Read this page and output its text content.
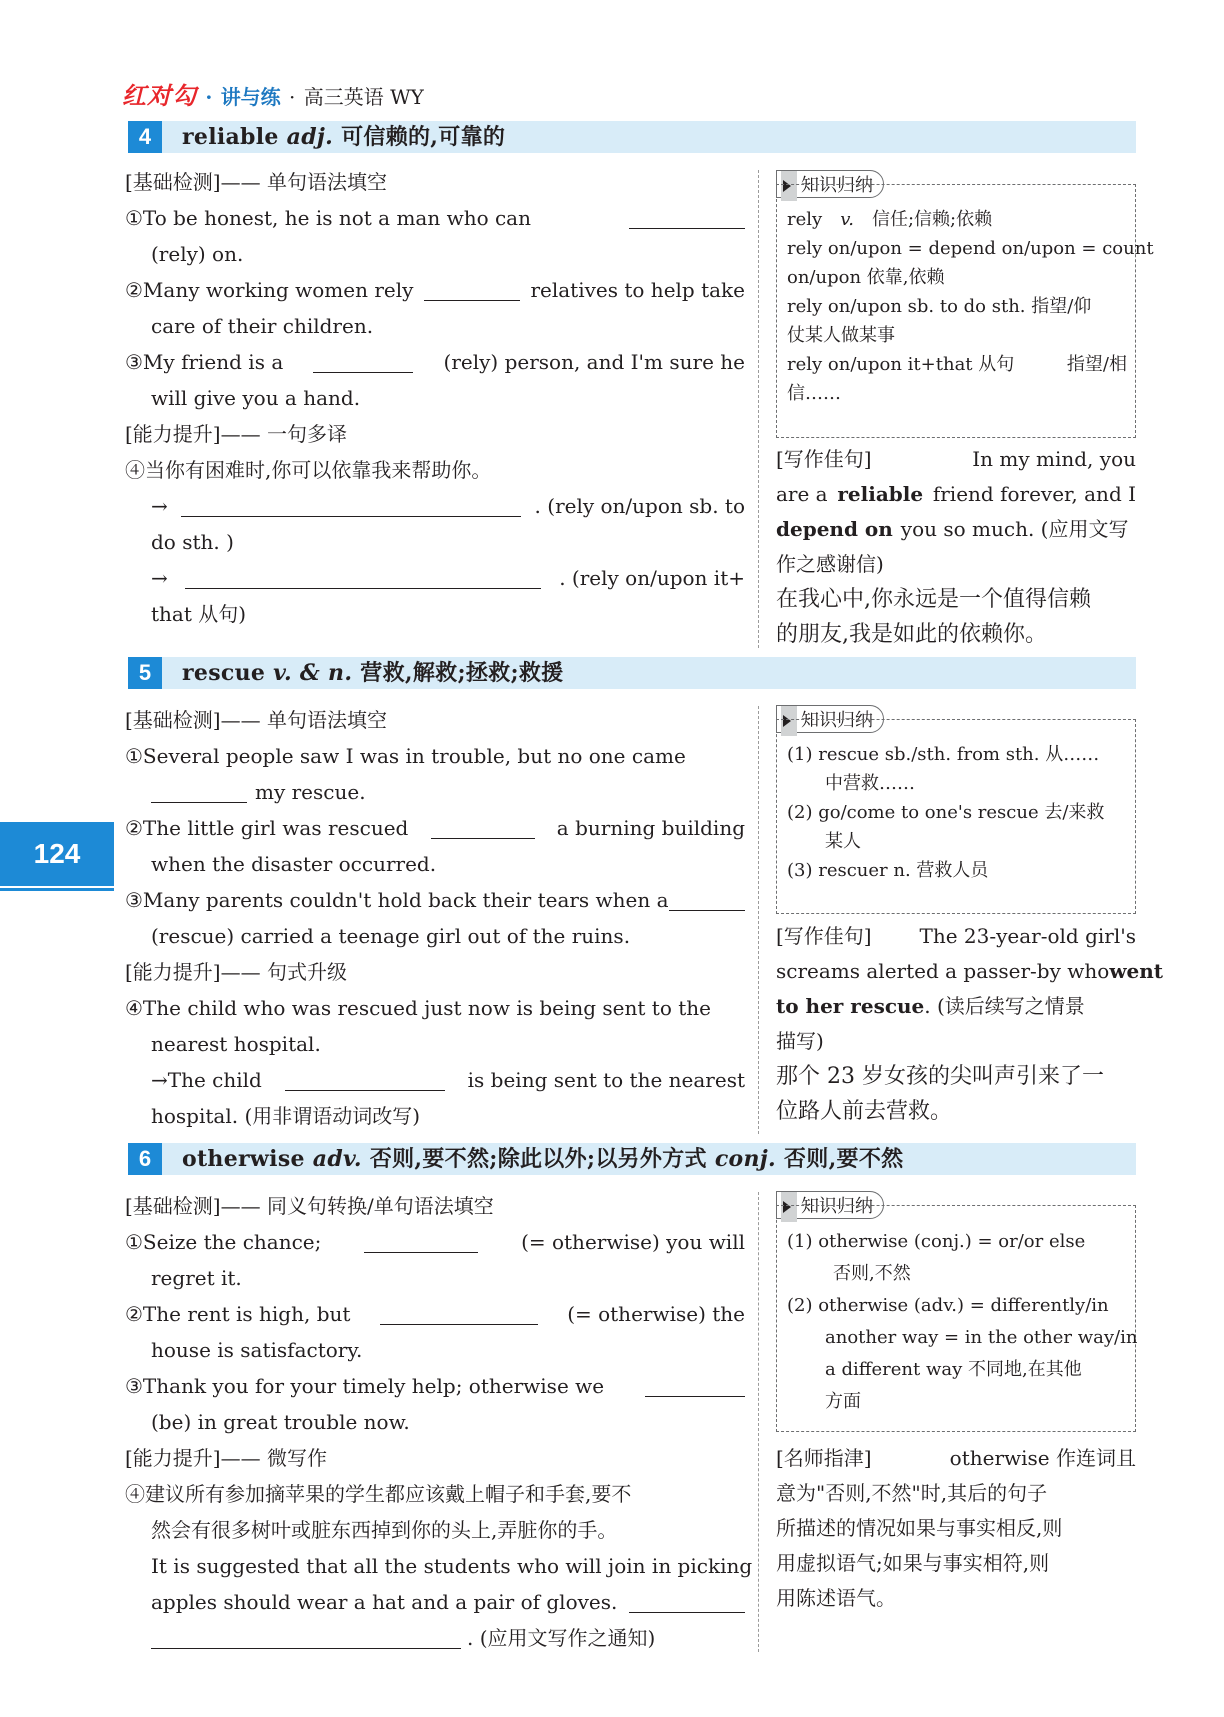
红对勾 · 讲与练 · 高三英语 WY
124
4	reliable adj. 可信赖的,可靠的
[基础检测]—— 单句语法填空
①To be honest, he is not a man who can
(rely) on.
②Many working women rely	relatives to help take
care of their children.
③My friend is a	(rely) person, and I'm sure he
will give you a hand.
[能力提升]—— 一句多译
④当你有困难时,你可以依靠我来帮助你。
→	. (rely on/upon sb. to
do sth. )
→	. (rely on/upon it+
that 从句)
知识归纳
rely v. 信任;信赖;依赖
rely on/upon = depend on/upon = count
on/upon 依靠,依赖
rely on/upon sb. to do sth. 指望/仰
仗某人做某事
rely on/upon it+that 从句	指望/相
信……
[写作佳句]	In my mind, you
are a reliable friend forever, and I
depend on you so much. (应用文写
作之感谢信)
在我心中,你永远是一个值得信赖
的朋友,我是如此的依赖你。
5	rescue v. & n. 营救,解救;拯救;救援
[基础检测]—— 单句语法填空
①Several people saw I was in trouble, but no one came
my rescue.
②The little girl was rescued	a burning building
when the disaster occurred.
③Many parents couldn't hold back their tears when a
(rescue) carried a teenage girl out of the ruins.
[能力提升]—— 句式升级
④The child who was rescued just now is being sent to the
nearest hospital.
→The child	is being sent to the nearest
hospital. (用非谓语动词改写)
知识归纳
(1) rescue sb./sth. from sth. 从……
中营救……
(2) go/come to one's rescue 去/来救
某人
(3) rescuer n. 营救人员
[写作佳句] The 23-year-old girl's
screams alerted a passer-by who went
to her rescue . (读后续写之情景
描写)
那个 23 岁女孩的尖叫声引来了一
位路人前去营救。
6	otherwise adv. 否则,要不然;除此以外;以另外方式 conj. 否则,要不然
[基础检测]—— 同义句转换/单句语法填空
①Seize the chance;	(= otherwise) you will
regret it.
②The rent is high, but	(= otherwise) the
house is satisfactory.
③Thank you for your timely help; otherwise we
(be) in great trouble now.
[能力提升]—— 微写作
④建议所有参加摘苹果的学生都应该戴上帽子和手套,要不
然会有很多树叶或脏东西掉到你的头上,弄脏你的手。
It is suggested that all the students who will join in picking
apples should wear a hat and a pair of gloves.
. (应用文写作之通知)
知识归纳
(1) otherwise (conj.) = or/or else
否则,不然
(2) otherwise (adv.) = differently/in
another way = in the other way/in
a different way 不同地,在其他
方面
[名师指津]	otherwise 作连词且
意为"否则,不然"时,其后的句子
所描述的情况如果与事实相反,则
用虚拟语气;如果与事实相符,则
用陈述语气。
